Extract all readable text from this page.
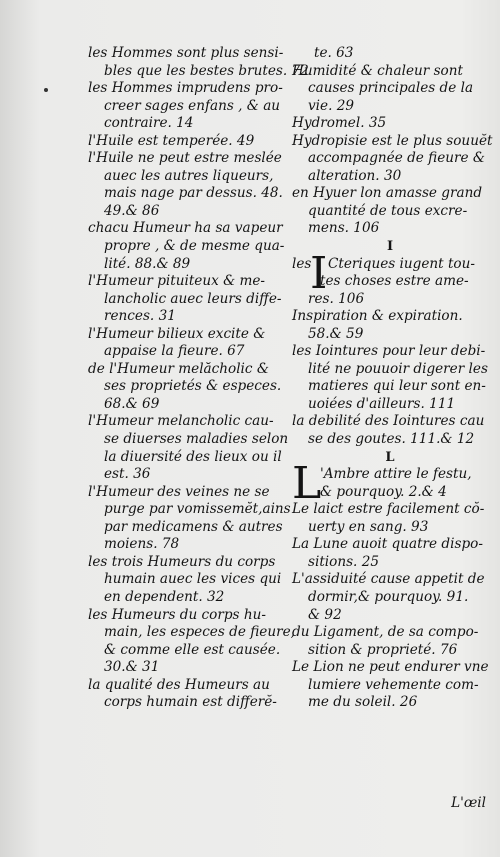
les Hommes sont plus sensi-
bles que les bestes brutes. 72
les Hommes imprudens pro-
creer sages enfans , & au
contraire. 14
l'Huile est temperée. 49
l'Huile ne peut estre meslée
auec les autres liqueurs,
mais nage par dessus. 48.
49.& 86
chacu Humeur ha sa vapeur
propre , & de mesme qua-
lité. 88.& 89
l'Humeur pituiteux & me-
lancholic auec leurs diffe-
rences. 31
l'Humeur bilieux excite &
appaise la fieure. 67
de l'Humeur melăcholic &
ses proprietés & especes.
68.& 69
l'Humeur melancholic cau-
se diuerses maladies selon
la diuersité des lieux ou il
est. 36
l'Humeur des veines ne se
purge par vomissemĕt,ains
par medicamens & autres
moiens. 78
les trois Humeurs du corps
humain auec les vices qui
en dependent. 32
les Humeurs du corps hu-
main, les especes de fieure,
& comme elle est causée.
30.& 31
la qualité des Humeurs au
corps humain est differĕ-
te. 63
Humidité & chaleur sont
causes principales de la
vie. 29
Hydromel. 35
Hydropisie est le plus souuĕt
accompagnée de fieure &
alteration. 30
en Hyuer lon amasse grand
quantité de tous excre-
mens. 106
I
les Cteriques iugent tou-
I
tes choses estre ame-
res. 106
Inspiration & expiration.
58.& 59
les Iointures pour leur debi-
lité ne pouuoir digerer les
matieres qui leur sont en-
uoiées d'ailleurs. 111
la debilité des Iointures cau
se des goutes. 111.& 12
L
'Ambre attire le festu,
L
& pourquoy. 2.& 4
Le laict estre facilement cŏ-
uerty en sang. 93
La Lune auoit quatre dispo-
sitions. 25
L'assiduité cause appetit de
dormir,& pourquoy. 91.
& 92
du Ligament, de sa compo-
sition & proprieté. 76
Le Lion ne peut endurer vne
lumiere vehemente com-
me du soleil. 26
L'œil
